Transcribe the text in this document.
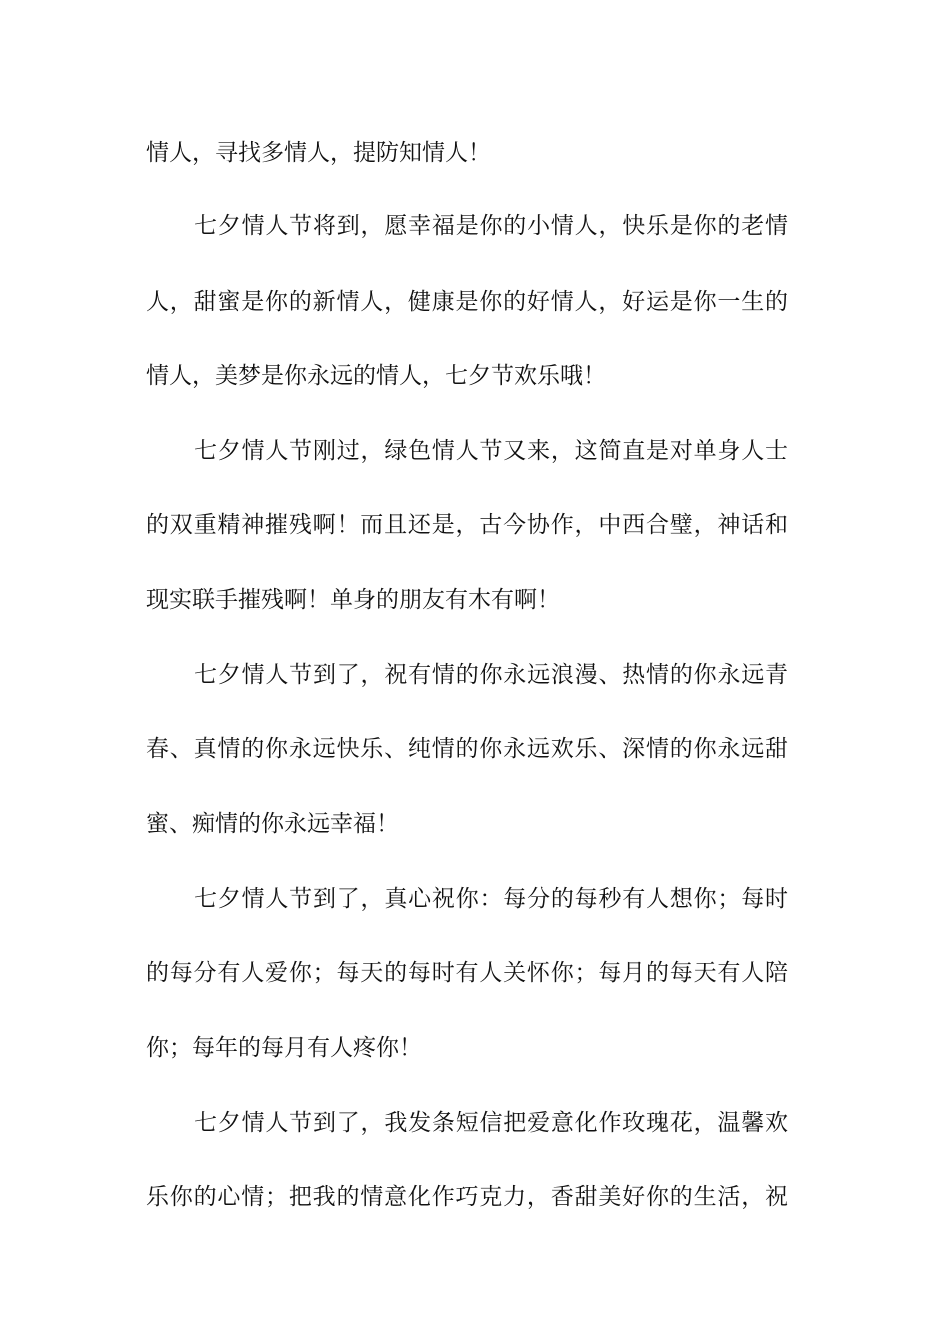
情人，寻找多情人，提防知情人！
七夕情人节将到，愿幸福是你的小情人，快乐是你的老情
人，甜蜜是你的新情人，健康是你的好情人，好运是你一生的
情人，美梦是你永远的情人，七夕节欢乐哦！
七夕情人节刚过，绿色情人节又来，这简直是对单身人士
的双重精神摧残啊！而且还是，古今协作，中西合璧，神话和
现实联手摧残啊！单身的朋友有木有啊！
七夕情人节到了，祝有情的你永远浪漫、热情的你永远青
春、真情的你永远快乐、纯情的你永远欢乐、深情的你永远甜
蜜、痴情的你永远幸福！
七夕情人节到了，真心祝你：每分的每秒有人想你；每时
的每分有人爱你；每天的每时有人关怀你；每月的每天有人陪
你；每年的每月有人疼你！
七夕情人节到了，我发条短信把爱意化作玫瑰花，温馨欢
乐你的心情；把我的情意化作巧克力，香甜美好你的生活，祝
